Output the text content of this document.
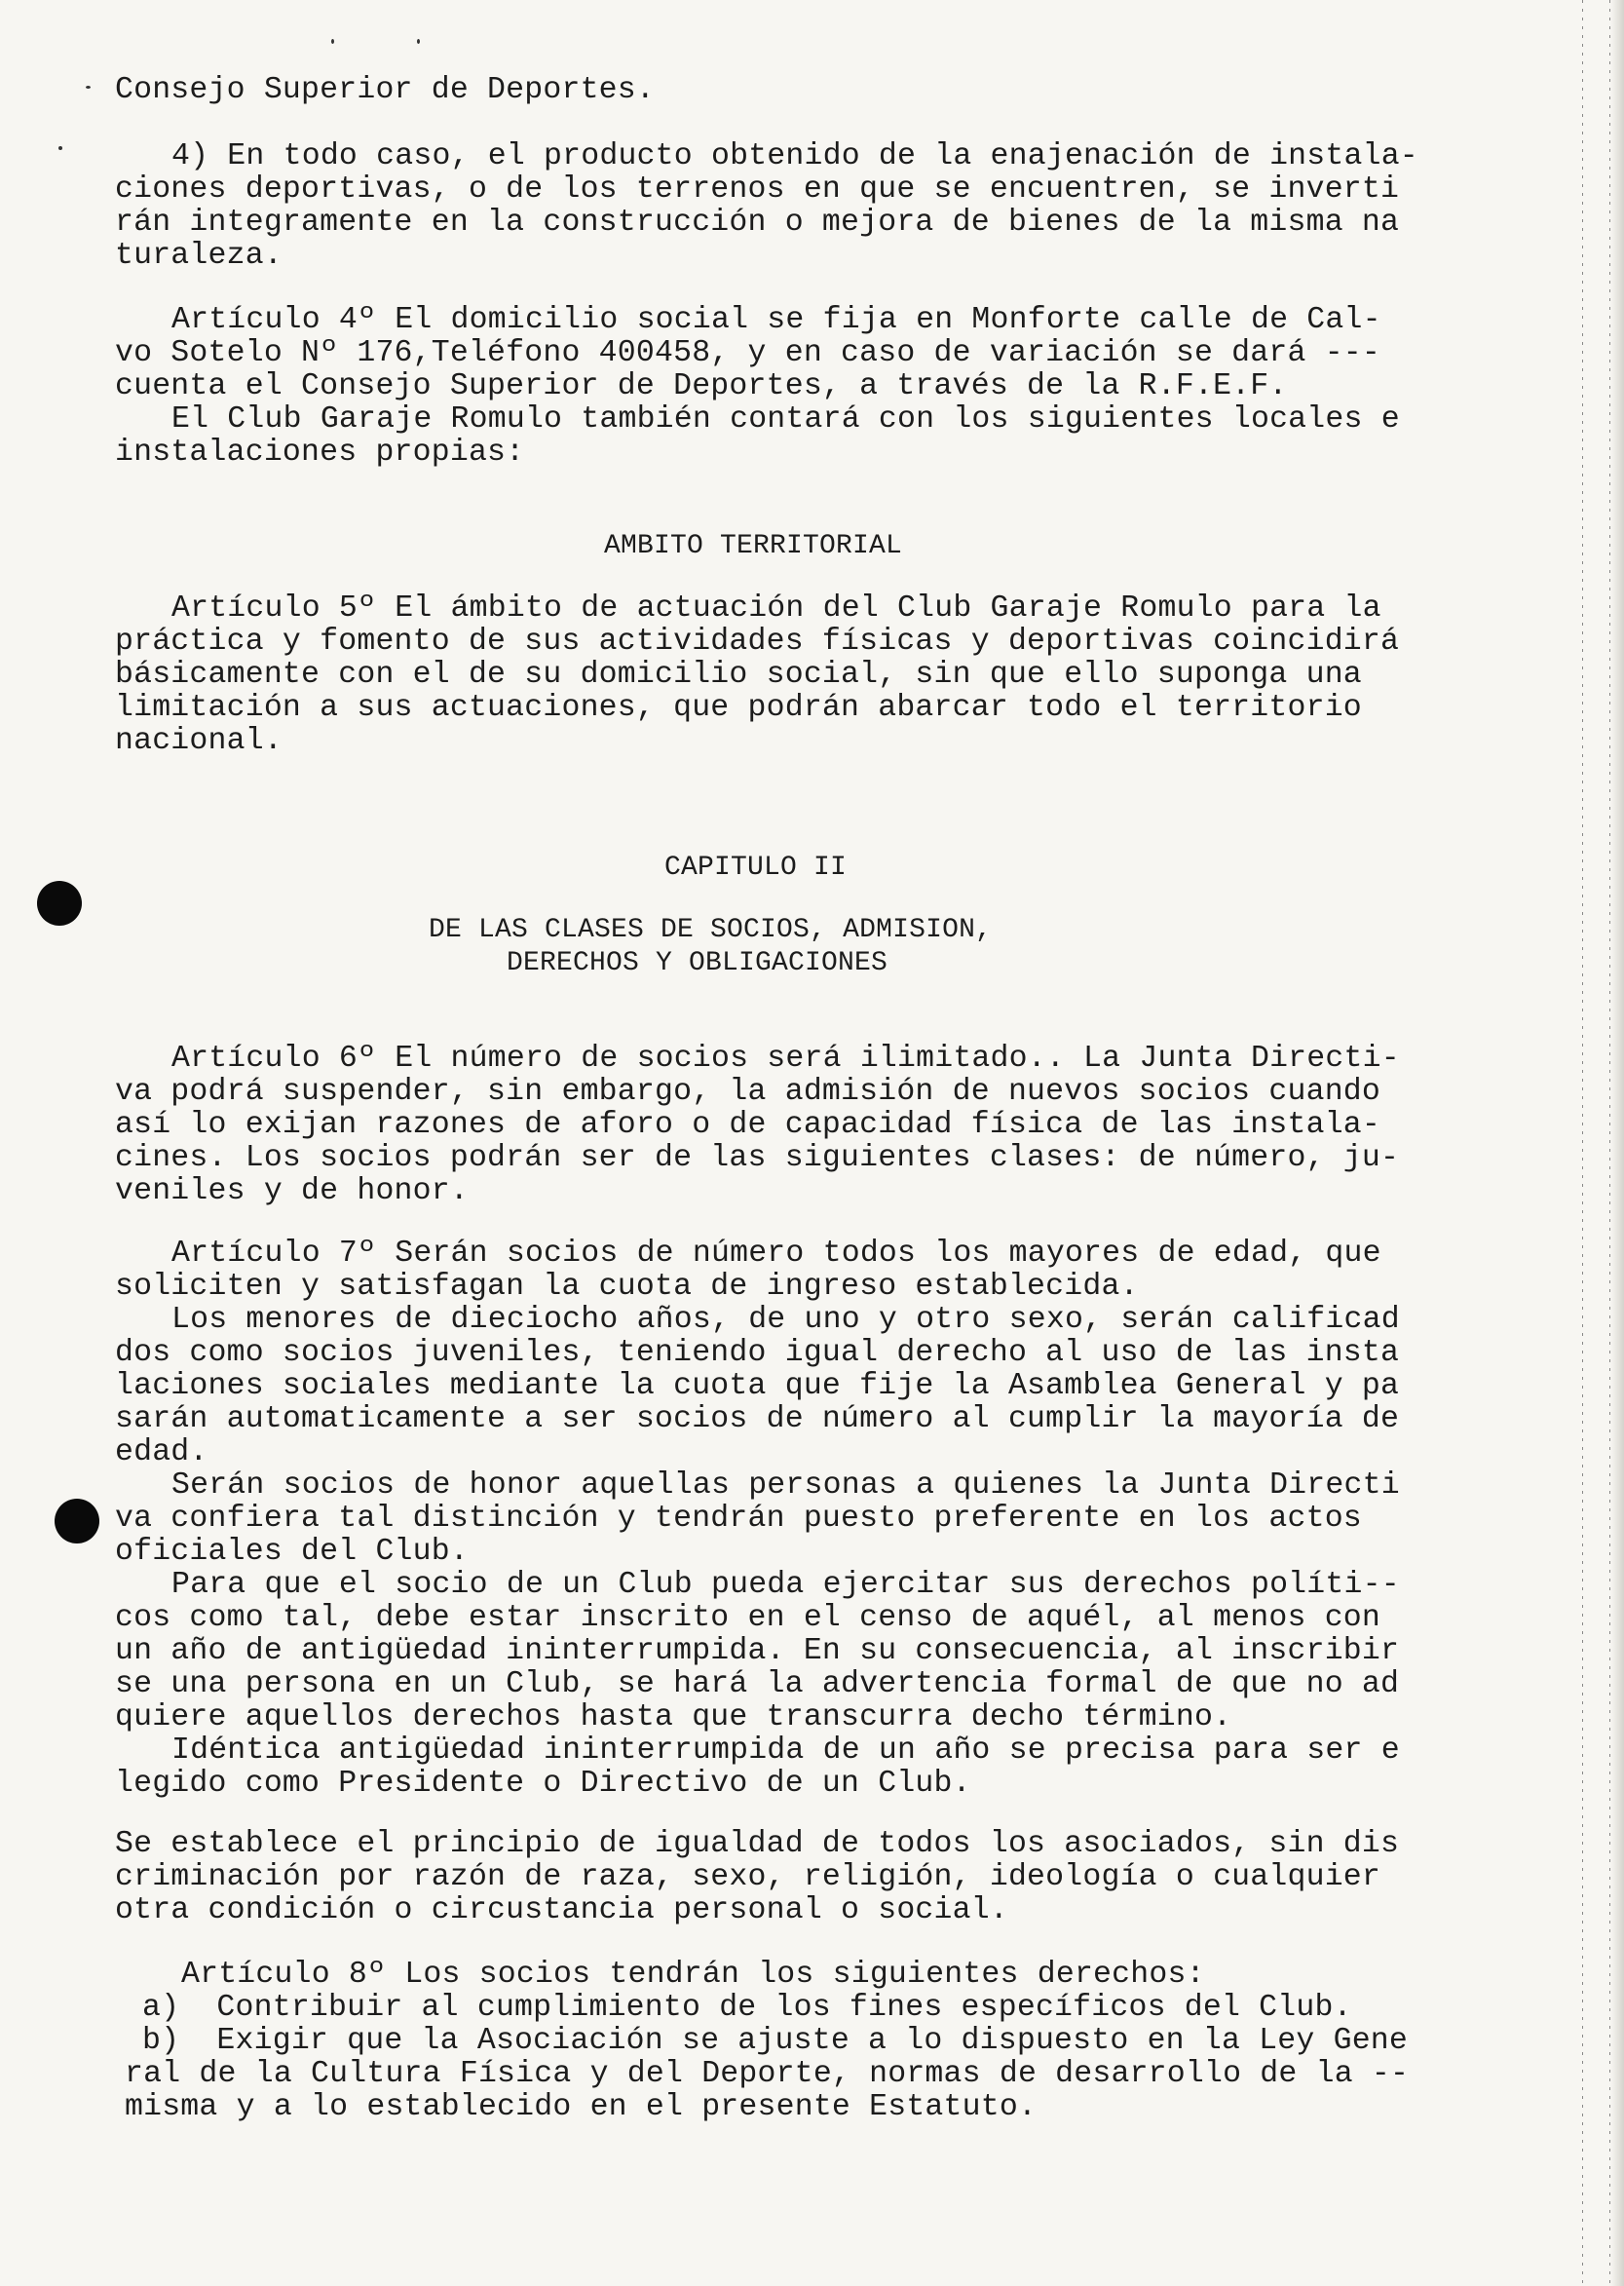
Consejo Superior de Deportes.
4) En todo caso, el producto obtenido de la enajenación de instala-
ciones deportivas, o de los terrenos en que se encuentren, se inverti
rán integramente en la construcción o mejora de bienes de la misma na
turaleza.
Artículo 4º El domicilio social se fija en Monforte calle de Cal-
vo Sotelo Nº 176,Teléfono 400458, y en caso de variación se dará ---
cuenta el Consejo Superior de Deportes, a través de la R.F.E.F.
El Club Garaje Romulo también contará con los siguientes locales e
instalaciones propias:
AMBITO TERRITORIAL
Artículo 5º El ámbito de actuación del Club Garaje Romulo para la
práctica y fomento de sus actividades físicas y deportivas coincidirá
básicamente con el de su domicilio social, sin que ello suponga una
limitación a sus actuaciones, que podrán abarcar todo el territorio
nacional.
CAPITULO II
DE LAS CLASES DE SOCIOS, ADMISION,
DERECHOS Y OBLIGACIONES
Artículo 6º El número de socios será ilimitado.. La Junta Directi-
va podrá suspender, sin embargo, la admisión de nuevos socios cuando
así lo exijan razones de aforo o de capacidad física de las instala-
cines. Los socios podrán ser de las siguientes clases: de número, ju-
veniles y de honor.
Artículo 7º Serán socios de número todos los mayores de edad, que
soliciten y satisfagan la cuota de ingreso establecida.
Los menores de dieciocho años, de uno y otro sexo, serán calificad
dos como socios juveniles, teniendo igual derecho al uso de las insta
laciones sociales mediante la cuota que fije la Asamblea General y pa
sarán automaticamente a ser socios de número al cumplir la mayoría de
edad.
Serán socios de honor aquellas personas a quienes la Junta Directi
va confiera tal distinción y tendrán puesto preferente en los actos
oficiales del Club.
Para que el socio de un Club pueda ejercitar sus derechos políti--
cos como tal, debe estar inscrito en el censo de aquél, al menos con
un año de antigüedad ininterrumpida. En su consecuencia, al inscribir
se una persona en un Club, se hará la advertencia formal de que no ad
quiere aquellos derechos hasta que transcurra decho término.
Idéntica antigüedad ininterrumpida de un año se precisa para ser e
legido como Presidente o Directivo de un Club.
Se establece el principio de igualdad de todos los asociados, sin dis
criminación por razón de raza, sexo, religión, ideología o cualquier
otra condición o circustancia personal o social.
Artículo 8º Los socios tendrán los siguientes derechos:
a)  Contribuir al cumplimiento de los fines específicos del Club.
b)  Exigir que la Asociación se ajuste a lo dispuesto en la Ley Gene
ral de la Cultura Física y del Deporte, normas de desarrollo de la --
misma y a lo establecido en el presente Estatuto.
